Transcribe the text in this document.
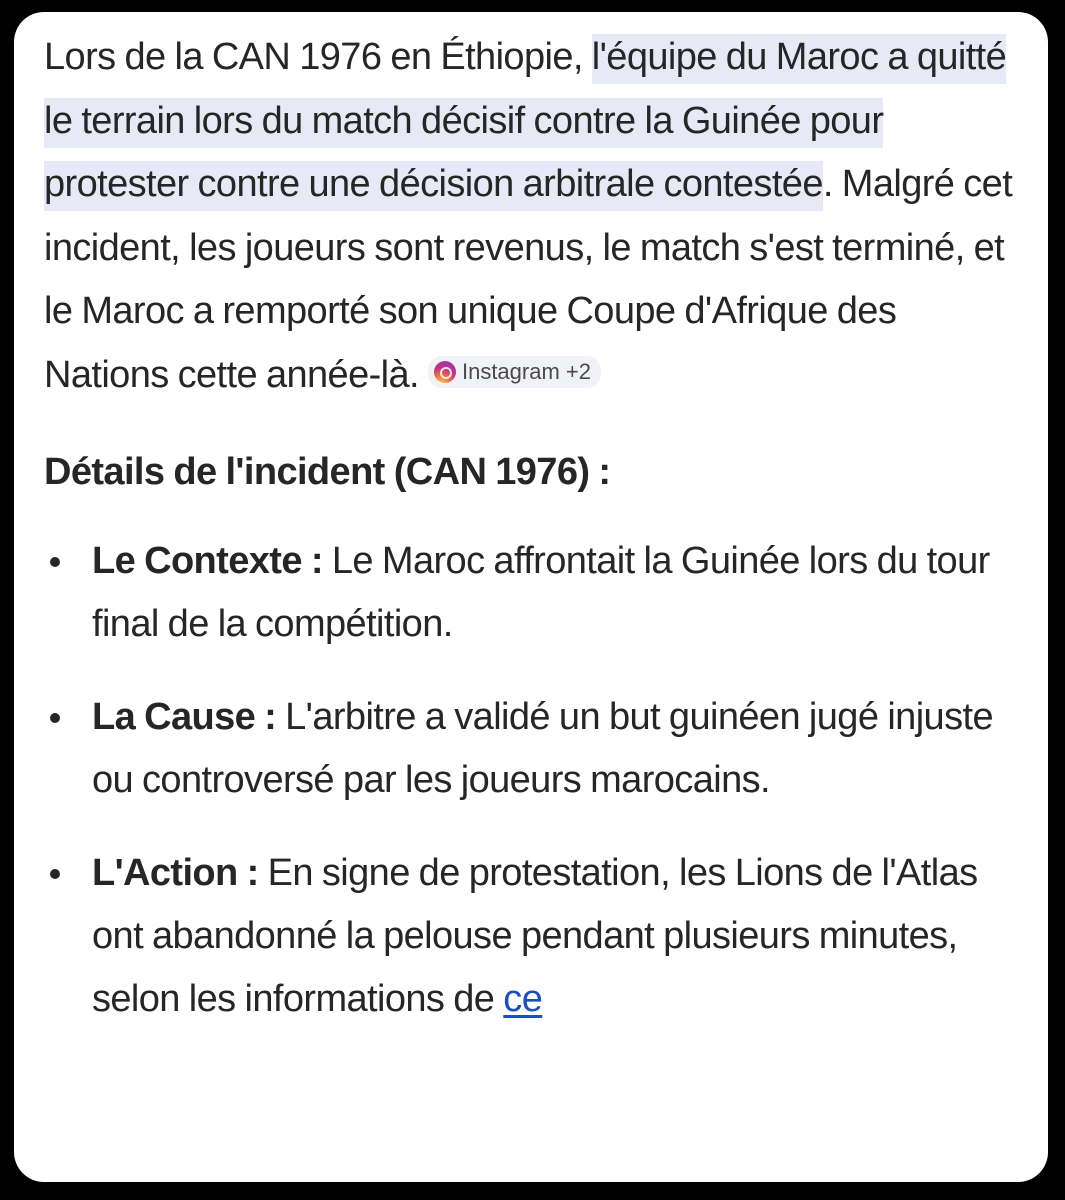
Lors de la CAN 1976 en Éthiopie, l'équipe du Maroc a quitté le terrain lors du match décisif contre la Guinée pour protester contre une décision arbitrale contestée. Malgré cet incident, les joueurs sont revenus, le match s'est terminé, et le Maroc a remporté son unique Coupe d'Afrique des Nations cette année-là. Instagram +2

Détails de l'incident (CAN 1976) :

Le Contexte : Le Maroc affrontait la Guinée lors du tour final de la compétition.
La Cause : L'arbitre a validé un but guinéen jugé injuste ou controversé par les joueurs marocains.
L'Action : En signe de protestation, les Lions de l'Atlas ont abandonné la pelouse pendant plusieurs minutes, selon les informations de ce
